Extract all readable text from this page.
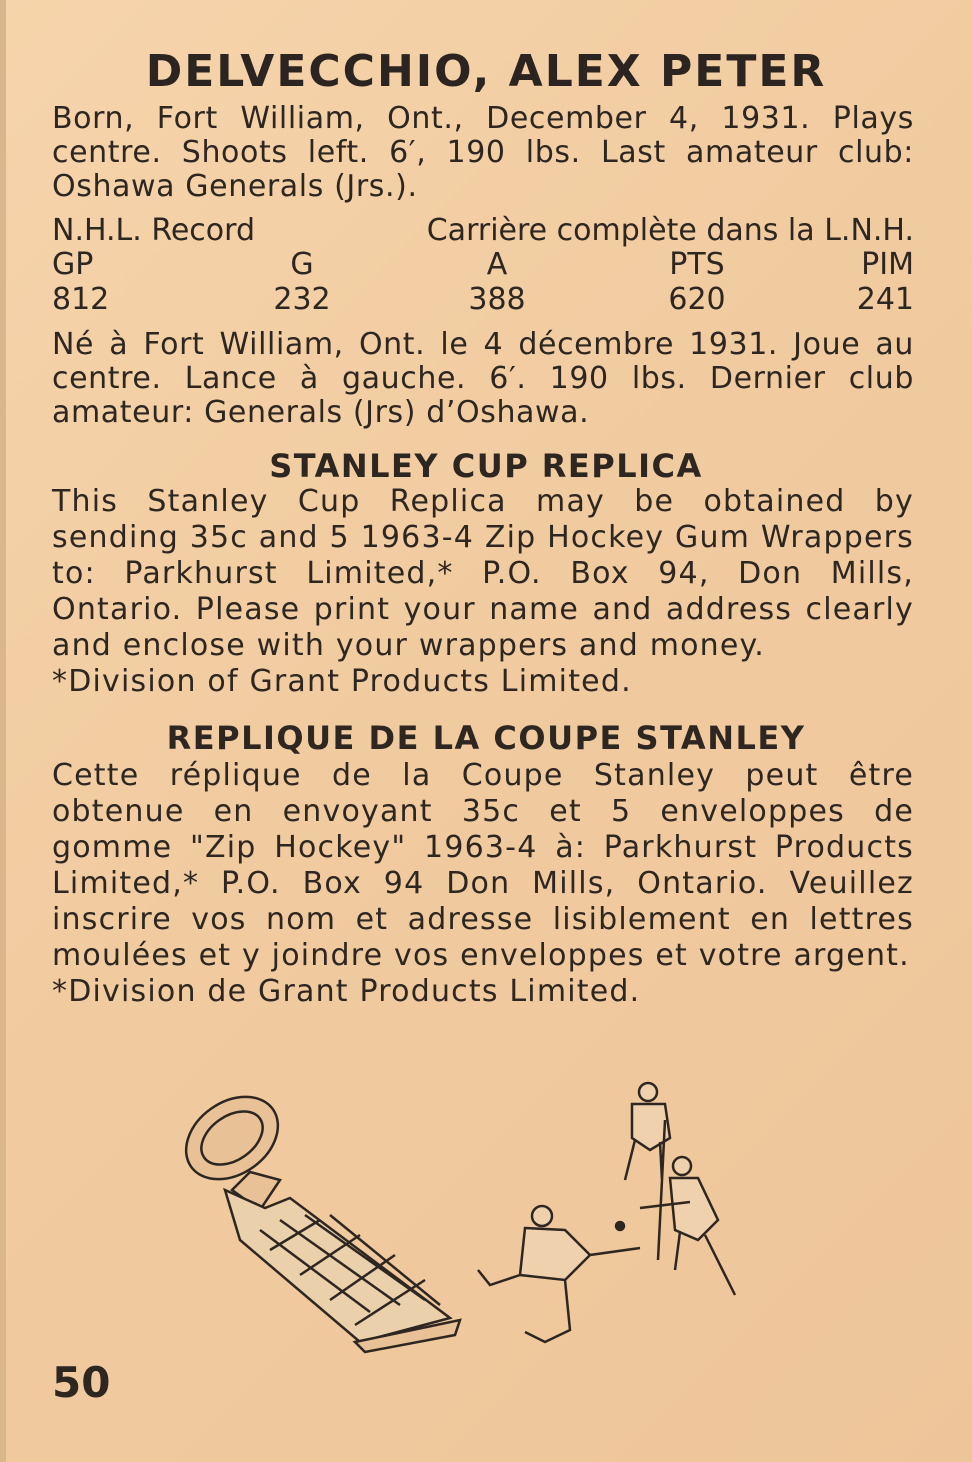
DELVECCHIO, ALEX PETER
Born, Fort William, Ont., December 4, 1931. Plays centre. Shoots left. 6′, 190 lbs. Last amateur club: Oshawa Generals (Jrs.).
N.H.L. Record	Carrière complète dans la L.N.H.
GP	G	A	PTS	PIM
812	232	388	620	241
Né à Fort William, Ont. le 4 décembre 1931. Joue au centre. Lance à gauche. 6′. 190 lbs. Dernier club amateur: Generals (Jrs) d’Oshawa.
STANLEY CUP REPLICA
This Stanley Cup Replica may be obtained by sending 35c and 5 1963-4 Zip Hockey Gum Wrappers to: Parkhurst Limited,* P.O. Box 94, Don Mills, Ontario. Please print your name and address clearly and enclose with your wrappers and money.
*Division of Grant Products Limited.
REPLIQUE DE LA COUPE STANLEY
Cette réplique de la Coupe Stanley peut être obtenue en envoyant 35c et 5 enveloppes de gomme "Zip Hockey" 1963-4 à: Parkhurst Products Limited,* P.O. Box 94 Don Mills, Ontario. Veuillez inscrire vos nom et adresse lisiblement en lettres moulées et y joindre vos enveloppes et votre argent.
*Division de Grant Products Limited.
50
